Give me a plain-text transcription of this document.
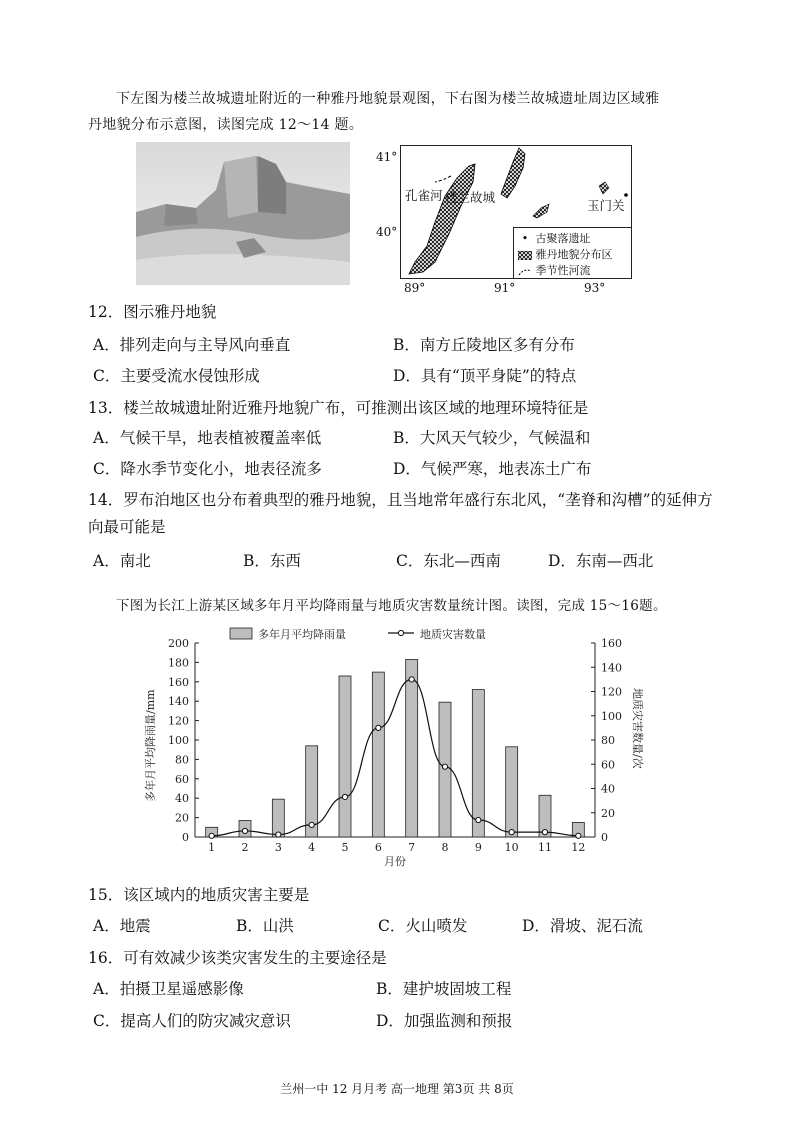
下左图为楼兰故城遗址附近的一种雅丹地貌景观图，下右图为楼兰故城遗址周边区域雅
丹地貌分布示意图，读图完成 12～14 题。
孔雀河 楼兰故城
玉门关
41°
40°
89°	91°	93°
• 古聚落遗址
雅丹地貌分布区
季节性河流
12．图示雅丹地貌
A．排列走向与主导风向垂直	B．南方丘陵地区多有分布
C．主要受流水侵蚀形成	D．具有“顶平身陡”的特点
13．楼兰故城遗址附近雅丹地貌广布，可推测出该区域的地理环境特征是
A．气候干旱，地表植被覆盖率低	B．大风天气较少，气候温和
C．降水季节变化小，地表径流多	D．气候严寒，地表冻土广布
14．罗布泊地区也分布着典型的雅丹地貌，且当地常年盛行东北风，“垄脊和沟槽”的延伸方
向最可能是
A．南北	B．东西	C．东北—西南	D．东南—西北
下图为长江上游某区域多年月平均降雨量与地质灾害数量统计图。读图，完成 15～16题。
0
20
40
60
80
100
120
140
160
180
200
0
20
40
60
80
100
120
140
160
1 2 3 4 5 6 7 8 9 10 11 12
多年月平均降雨量	地质灾害数量
多年月平均降雨量/mm	地质灾害数量/次
月份
15．该区域内的地质灾害主要是
A．地震	B．山洪	C．火山喷发	D．滑坡、泥石流
16．可有效减少该类灾害发生的主要途径是
A．拍摄卫星遥感影像	B．建护坡固坡工程
C．提高人们的防灾减灾意识	D．加强监测和预报
兰州一中 12 月月考 高一地理 第3页 共 8页
